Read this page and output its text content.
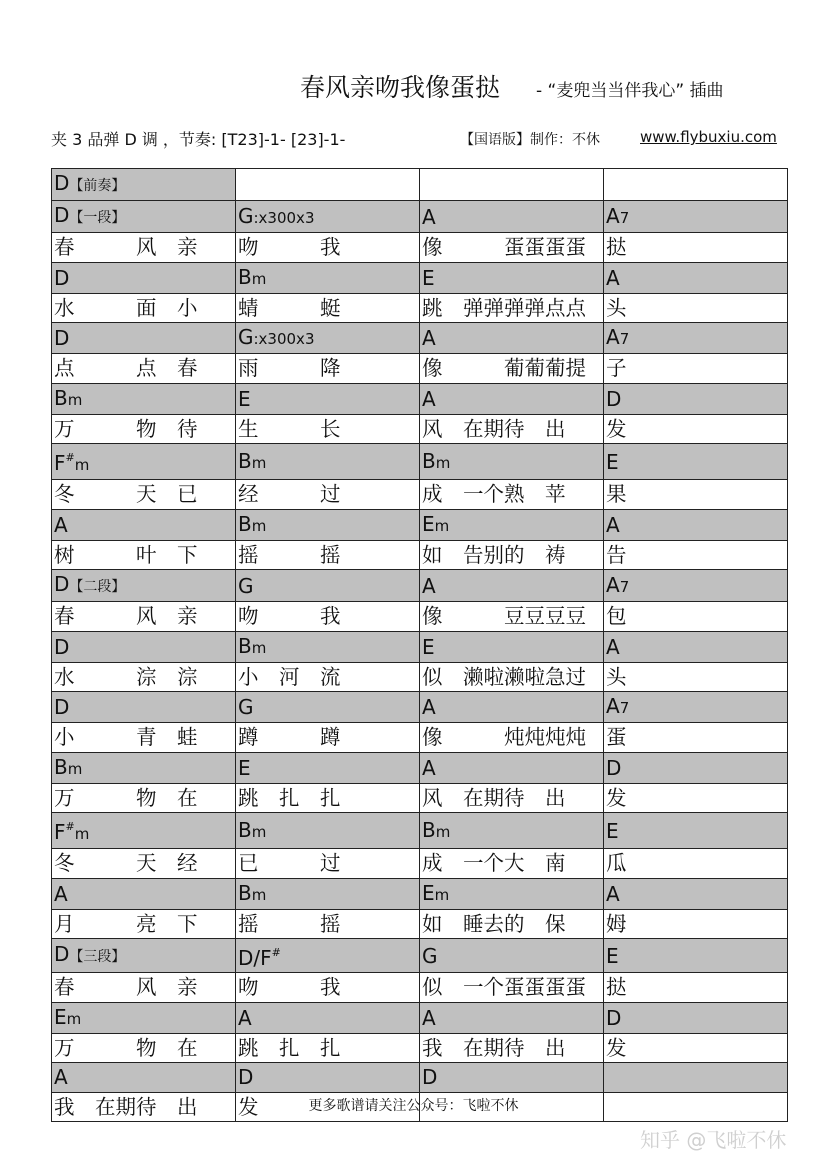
春风亲吻我像蛋挞 - “麦兜当当伴我心” 插曲
夹 3 品弹 D 调 ，节奏: [T23]-1- [23]-1-	【国语版】制作：不休	www.flybuxiu.com
D【前奏】			
D【一段】	G:x300x3	A	A7
春　　　风　亲	吻　　　我	像　　　蛋蛋蛋蛋	挞
D	Bm	E	A
水　　　面　小	蜻　　　蜓	跳　弹弹弹弹点点	头
D	G:x300x3	A	A7
点　　　点　春	雨　　　降	像　　　葡葡葡提	子
Bm	E	A	D
万　　　物　待	生　　　长	风　在期待　出	发
F#m	Bm	Bm	E
冬　　　天　已	经　　　过	成　一个熟　苹	果
A	Bm	Em	A
树　　　叶　下	摇　　　摇	如　告别的　祷	告
D【二段】	G	A	A7
春　　　风　亲	吻　　　我	像　　　豆豆豆豆	包
D	Bm	E	A
水　　　淙　淙	小　河　流	似　濑啦濑啦急过	头
D	G	A	A7
小　　　青　蛙	蹲　　　蹲	像　　　炖炖炖炖	蛋
Bm	E	A	D
万　　　物　在	跳　扎　扎	风　在期待　出	发
F#m	Bm	Bm	E
冬　　　天　经	已　　　过	成　一个大　南	瓜
A	Bm	Em	A
月　　　亮　下	摇　　　摇	如　睡去的　保	姆
D【三段】	D/F#	G	E
春　　　风　亲	吻　　　我	似　一个蛋蛋蛋蛋	挞
Em	A	A	D
万　　　物　在	跳　扎　扎	我　在期待　出	发
A	D	D	
我　在期待　出	发			更多歌谱请关注公众号：飞啦不休
知乎 @飞啦不休
